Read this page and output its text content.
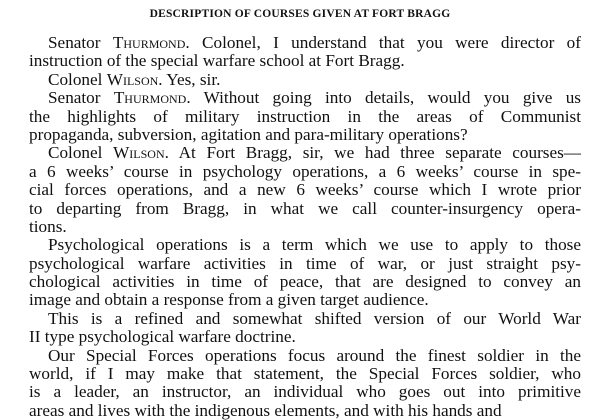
DESCRIPTION OF COURSES GIVEN AT FORT BRAGG
Senator Thurmond. Colonel, I understand that you were director of
instruction of the special warfare school at Fort Bragg.
Colonel Wilson. Yes, sir.
Senator Thurmond. Without going into details, would you give us
the highlights of military instruction in the areas of Communist
propaganda, subversion, agitation and para-military operations?
Colonel Wilson. At Fort Bragg, sir, we had three separate courses—
a 6 weeks’ course in psychology operations, a 6 weeks’ course in spe-
cial forces operations, and a new 6 weeks’ course which I wrote prior
to departing from Bragg, in what we call counter-insurgency opera-
tions.
Psychological operations is a term which we use to apply to those
psychological warfare activities in time of war, or just straight psy-
chological activities in time of peace, that are designed to convey an
image and obtain a response from a given target audience.
This is a refined and somewhat shifted version of our World War
II type psychological warfare doctrine.
Our Special Forces operations focus around the finest soldier in the
world, if I may make that statement, the Special Forces soldier, who
is a leader, an instructor, an individual who goes out into primitive
areas and lives with the indigenous elements, and with his hands and
